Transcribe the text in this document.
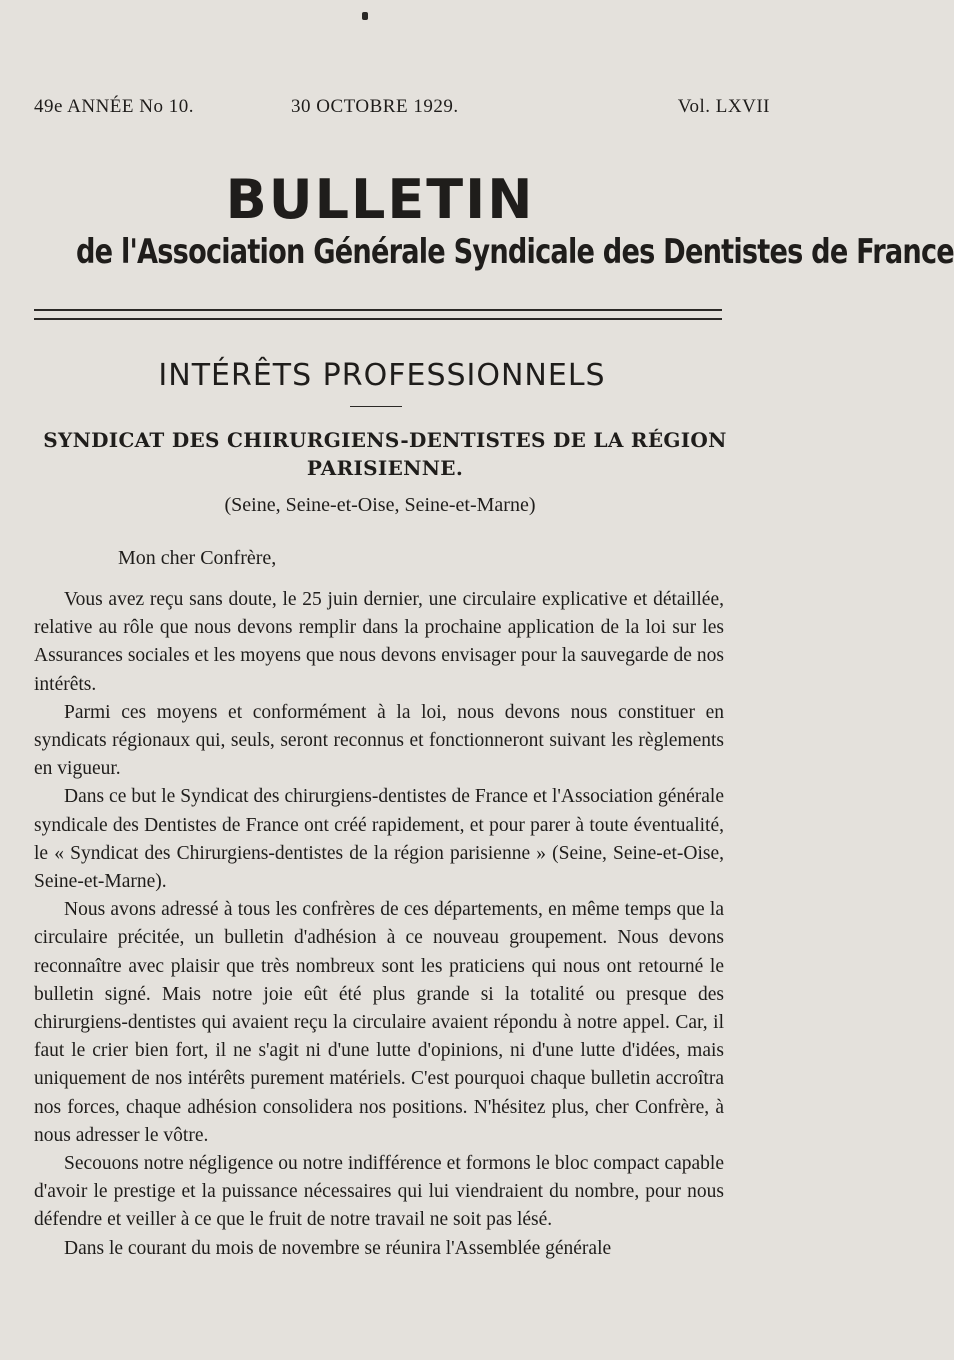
49e ANNÉE No 10.	30 OCTOBRE 1929.	Vol. LXVII
BULLETIN
de l'Association Générale Syndicale des Dentistes de France
INTÉRÊTS PROFESSIONNELS
SYNDICAT DES CHIRURGIENS-DENTISTES DE LA RÉGION PARISIENNE.
(Seine, Seine-et-Oise, Seine-et-Marne)
Mon cher Confrère,

Vous avez reçu sans doute, le 25 juin dernier, une circulaire explicative et détaillée, relative au rôle que nous devons remplir dans la prochaine application de la loi sur les Assurances sociales et les moyens que nous devons envisager pour la sauvegarde de nos intérêts.

Parmi ces moyens et conformément à la loi, nous devons nous constituer en syndicats régionaux qui, seuls, seront reconnus et fonctionneront suivant les règlements en vigueur.

Dans ce but le Syndicat des chirurgiens-dentistes de France et l'Association générale syndicale des Dentistes de France ont créé rapidement, et pour parer à toute éventualité, le « Syndicat des Chirurgiens-dentistes de la région parisienne » (Seine, Seine-et-Oise, Seine-et-Marne).

Nous avons adressé à tous les confrères de ces départements, en même temps que la circulaire précitée, un bulletin d'adhésion à ce nouveau groupement. Nous devons reconnaître avec plaisir que très nombreux sont les praticiens qui nous ont retourné le bulletin signé. Mais notre joie eût été plus grande si la totalité ou presque des chirurgiens-dentistes qui avaient reçu la circulaire avaient répondu à notre appel. Car, il faut le crier bien fort, il ne s'agit ni d'une lutte d'opinions, ni d'une lutte d'idées, mais uniquement de nos intérêts purement matériels. C'est pourquoi chaque bulletin accroîtra nos forces, chaque adhésion consolidera nos positions. N'hésitez plus, cher Confrère, à nous adresser le vôtre.

Secouons notre négligence ou notre indifférence et formons le bloc compact capable d'avoir le prestige et la puissance nécessaires qui lui viendraient du nombre, pour nous défendre et veiller à ce que le fruit de notre travail ne soit pas lésé.

Dans le courant du mois de novembre se réunira l'Assemblée générale
